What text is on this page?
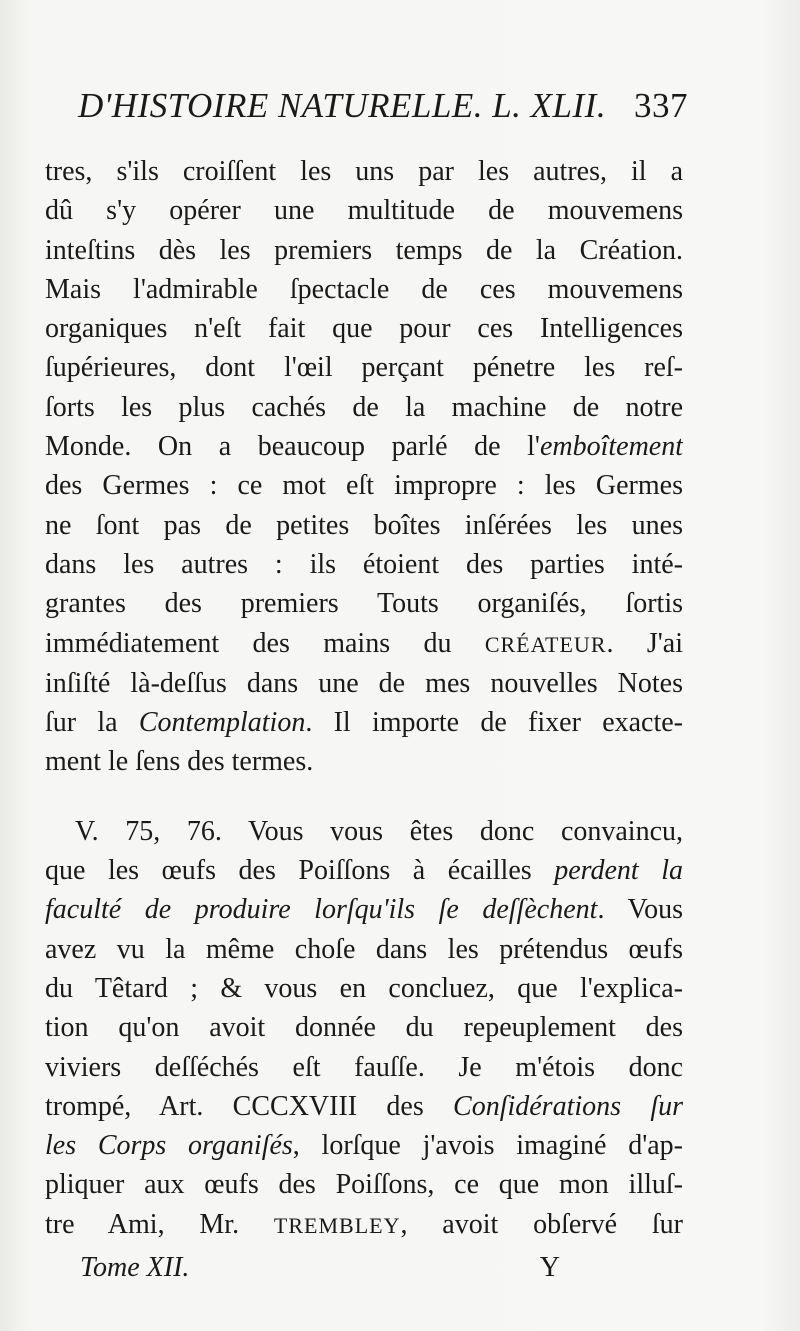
D'HISTOIRE NATURELLE. L. XLII. 337
tres, s'ils croiſſent les uns par les autres, il a
dû s'y opérer une multitude de mouvemens
inteſtins dès les premiers temps de la Création.
Mais l'admirable ſpectacle de ces mouvemens
organiques n'eſt fait que pour ces Intelligences
ſupérieures, dont l'œil perçant pénetre les reſ-
ſorts les plus cachés de la machine de notre
Monde. On a beaucoup parlé de l'emboîtement
des Germes : ce mot eſt impropre : les Germes
ne ſont pas de petites boîtes inſérées les unes
dans les autres : ils étoient des parties inté-
grantes des premiers Touts organiſés, ſortis
immédiatement des mains du CRÉATEUR. J'ai
inſiſté là-deſſus dans une de mes nouvelles Notes
ſur la Contemplation. Il importe de fixer exacte-
ment le ſens des termes.
V. 75, 76. Vous vous êtes donc convaincu,
que les œufs des Poiſſons à écailles perdent la
faculté de produire lorſqu'ils ſe deſſèchent. Vous
avez vu la même choſe dans les prétendus œufs
du Têtard ; & vous en concluez, que l'explica-
tion qu'on avoit donnée du repeuplement des
viviers deſſéchés eſt fauſſe. Je m'étois donc
trompé, Art. CCCXVIII des Conſidérations ſur
les Corps organiſés, lorſque j'avois imaginé d'ap-
pliquer aux œufs des Poiſſons, ce que mon illuſ-
tre Ami, Mr. TREMBLEY, avoit obſervé ſur
Tome XII.	Y
